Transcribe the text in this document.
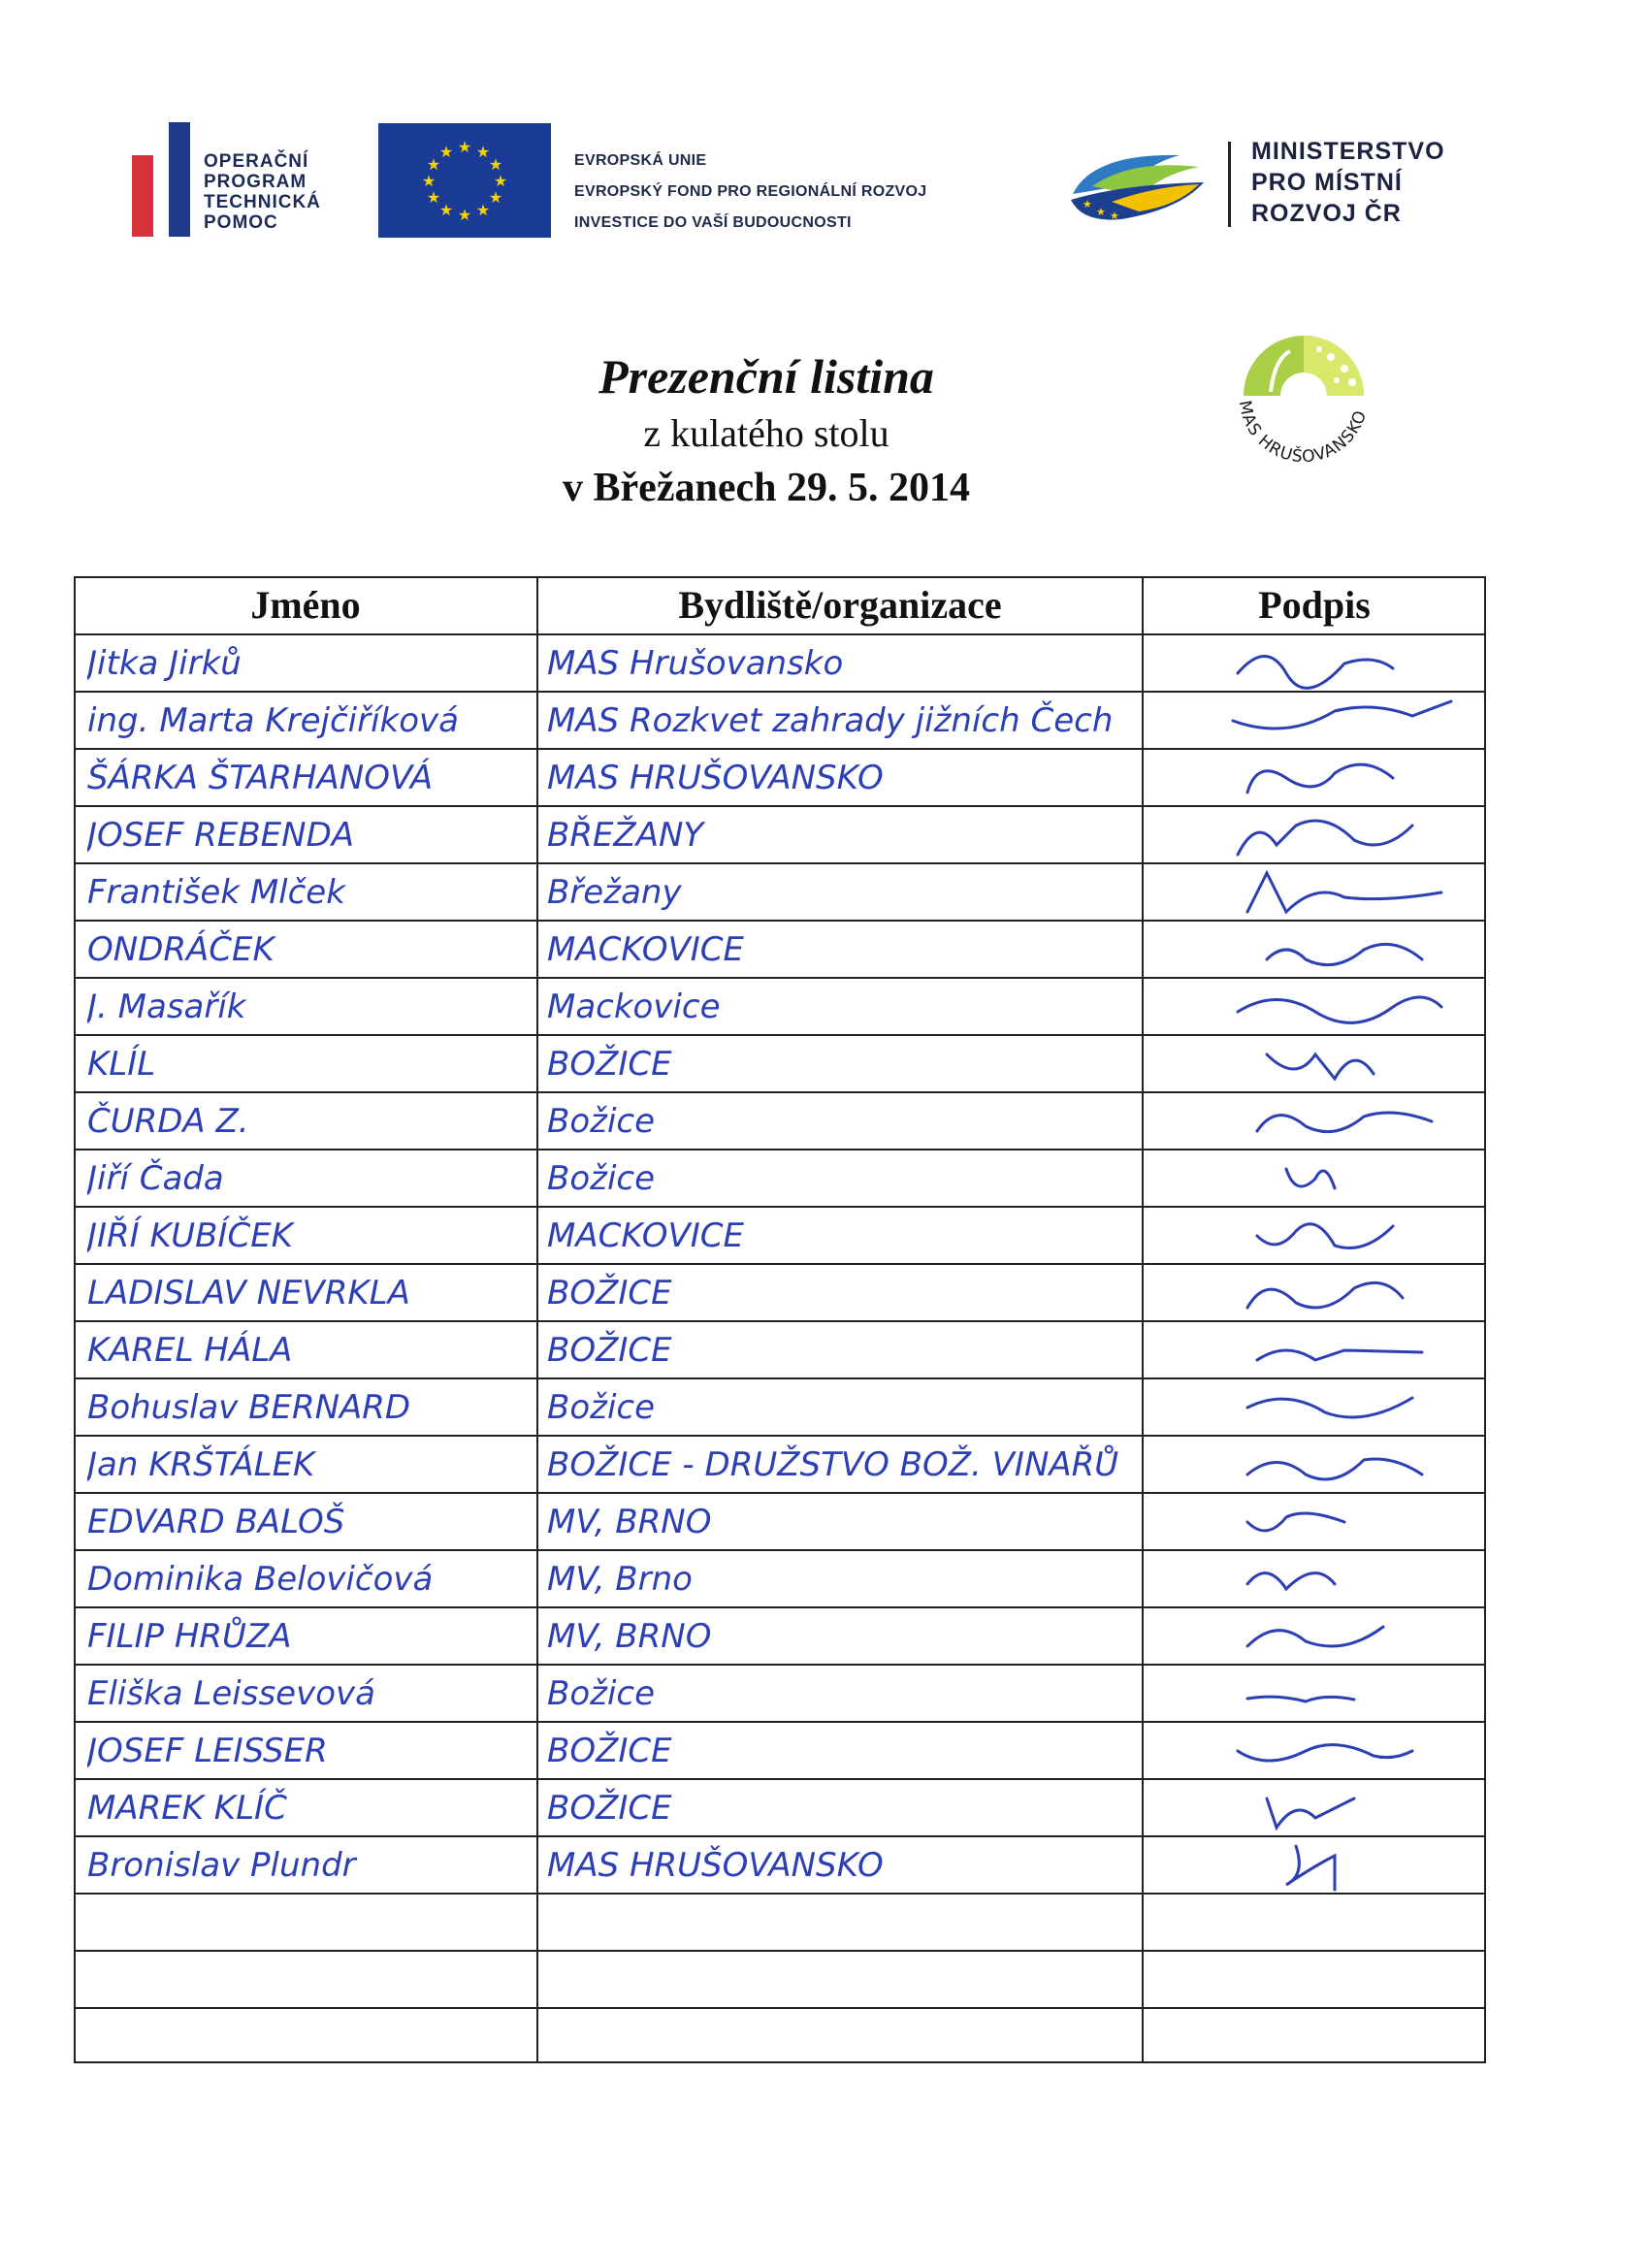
OPERAČNÍ
PROGRAM
TECHNICKÁ
POMOC
★ ★
★
★
★
★
★
★
★
★
★
★	EVROPSKÁ UNIE
EVROPSKÝ FOND PRO REGIONÁLNÍ ROZVOJ
INVESTICE DO VAŠÍ BUDOUCNOSTI
★
★ ★
MINISTERSTVO
PRO MÍSTNÍ
ROZVOJ ČR
Prezenční listina
z kulatého stolu
v Břežanech 29. 5. 2014
MAS HRUŠOVANSKO
Jméno	Bydliště/organizace	Podpis
Jitka Jirků	MAS Hrušovansko
ing. Marta Krejčiříková	MAS Rozkvet zahrady jižních Čech
ŠÁRKA ŠTARHANOVÁ	MAS HRUŠOVANSKO
JOSEF REBENDA	BŘEŽANY
František Mlček	Břežany
ONDRÁČEK	MACKOVICE
J. Masařík	Mackovice
KLÍL	BOŽICE
ČURDA Z.	Božice
Jiří Čada	Božice
JIŘÍ KUBÍČEK	MACKOVICE
LADISLAV NEVRKLA	BOŽICE
KAREL HÁLA	BOŽICE
Bohuslav BERNARD	Božice
Jan KRŠTÁLEK	BOŽICE - DRUŽSTVO BOŽ. VINAŘŮ
EDVARD BALOŠ	MV, BRNO
Dominika Belovičová	MV, Brno
FILIP HRŮZA	MV, BRNO
Eliška Leissevová	Božice
JOSEF LEISSER	BOŽICE
MAREK KLÍČ	BOŽICE
Bronislav Plundr	MAS HRUŠOVANSKO
